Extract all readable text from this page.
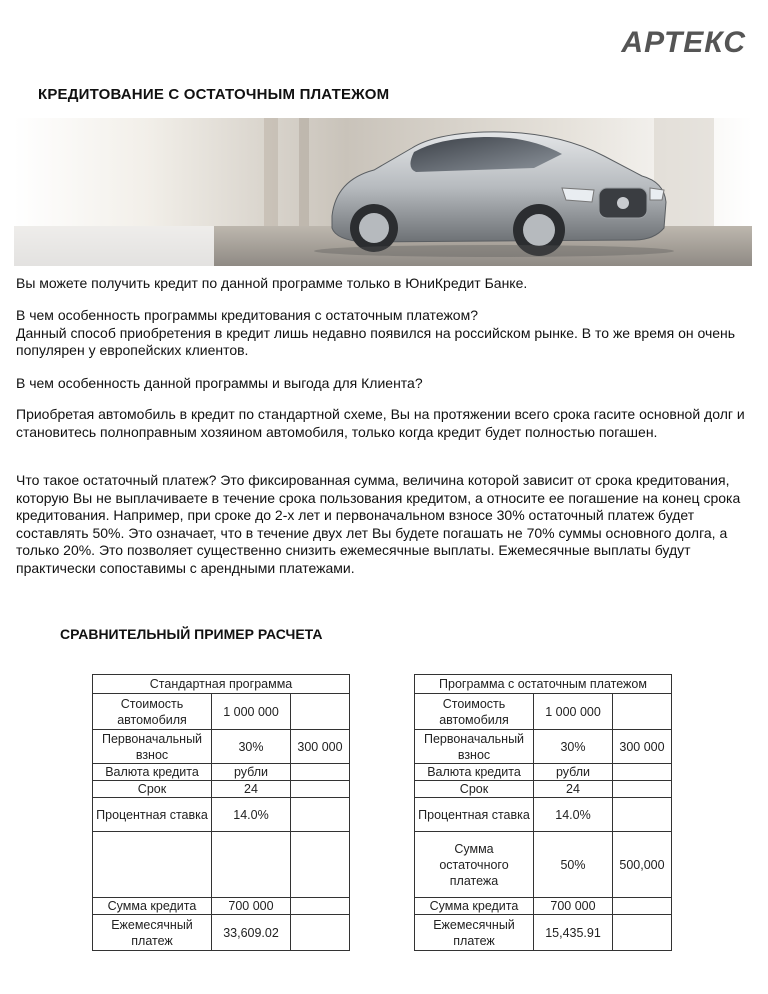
АРТЕКС
КРЕДИТОВАНИЕ С ОСТАТОЧНЫМ ПЛАТЕЖОМ

Вы можете получить кредит по данной программе только в ЮниКредит Банке.

В чем особенность программы кредитования с остаточным платежом?

Данный способ приобретения в кредит лишь недавно появился на российском рынке. В то же время он очень популярен у европейских клиентов.

В чем особенность данной программы и выгода для Клиента?

Приобретая автомобиль в кредит по стандартной схеме, Вы на протяжении всего срока гасите основной долг и становитесь полноправным хозяином автомобиля, только когда кредит будет полностью погашен.

Что такое остаточный платеж? Это фиксированная сумма, величина которой зависит от срока кредитования, которую Вы не выплачиваете в течение срока пользования кредитом, а относите ее погашение на конец срока кредитования. Например, при сроке до 2-х лет и первоначальном взносе 30% остаточный платеж будет составлять 50%. Это означает, что в течение двух лет Вы будете погашать не 70% суммы основного долга, а только 20%. Это позволяет существенно снизить ежемесячные выплаты. Ежемесячные выплаты будут практически сопоставимы с арендными платежами.

СРАВНИТЕЛЬНЫЙ ПРИМЕР РАСЧЕТА
Стандартная программа		
Стоимость автомобиля	1 000 000	
Первоначальный взнос	30%	300 000
Валюта кредита	рубли	
Срок	24	
Процентная ставка	14.0%	

Сумма кредита	700 000	
Ежемесячный платеж	33,609.02	
Программа с остаточным платежом		
Стоимость автомобиля	1 000 000	
Первоначальный взнос	30%	300 000
Валюта кредита	рубли	
Срок	24	
Процентная ставка	14.0%	
Сумма остаточного платежа	50%	500,000
Сумма кредита	700 000	
Ежемесячный платеж	15,435.91	
